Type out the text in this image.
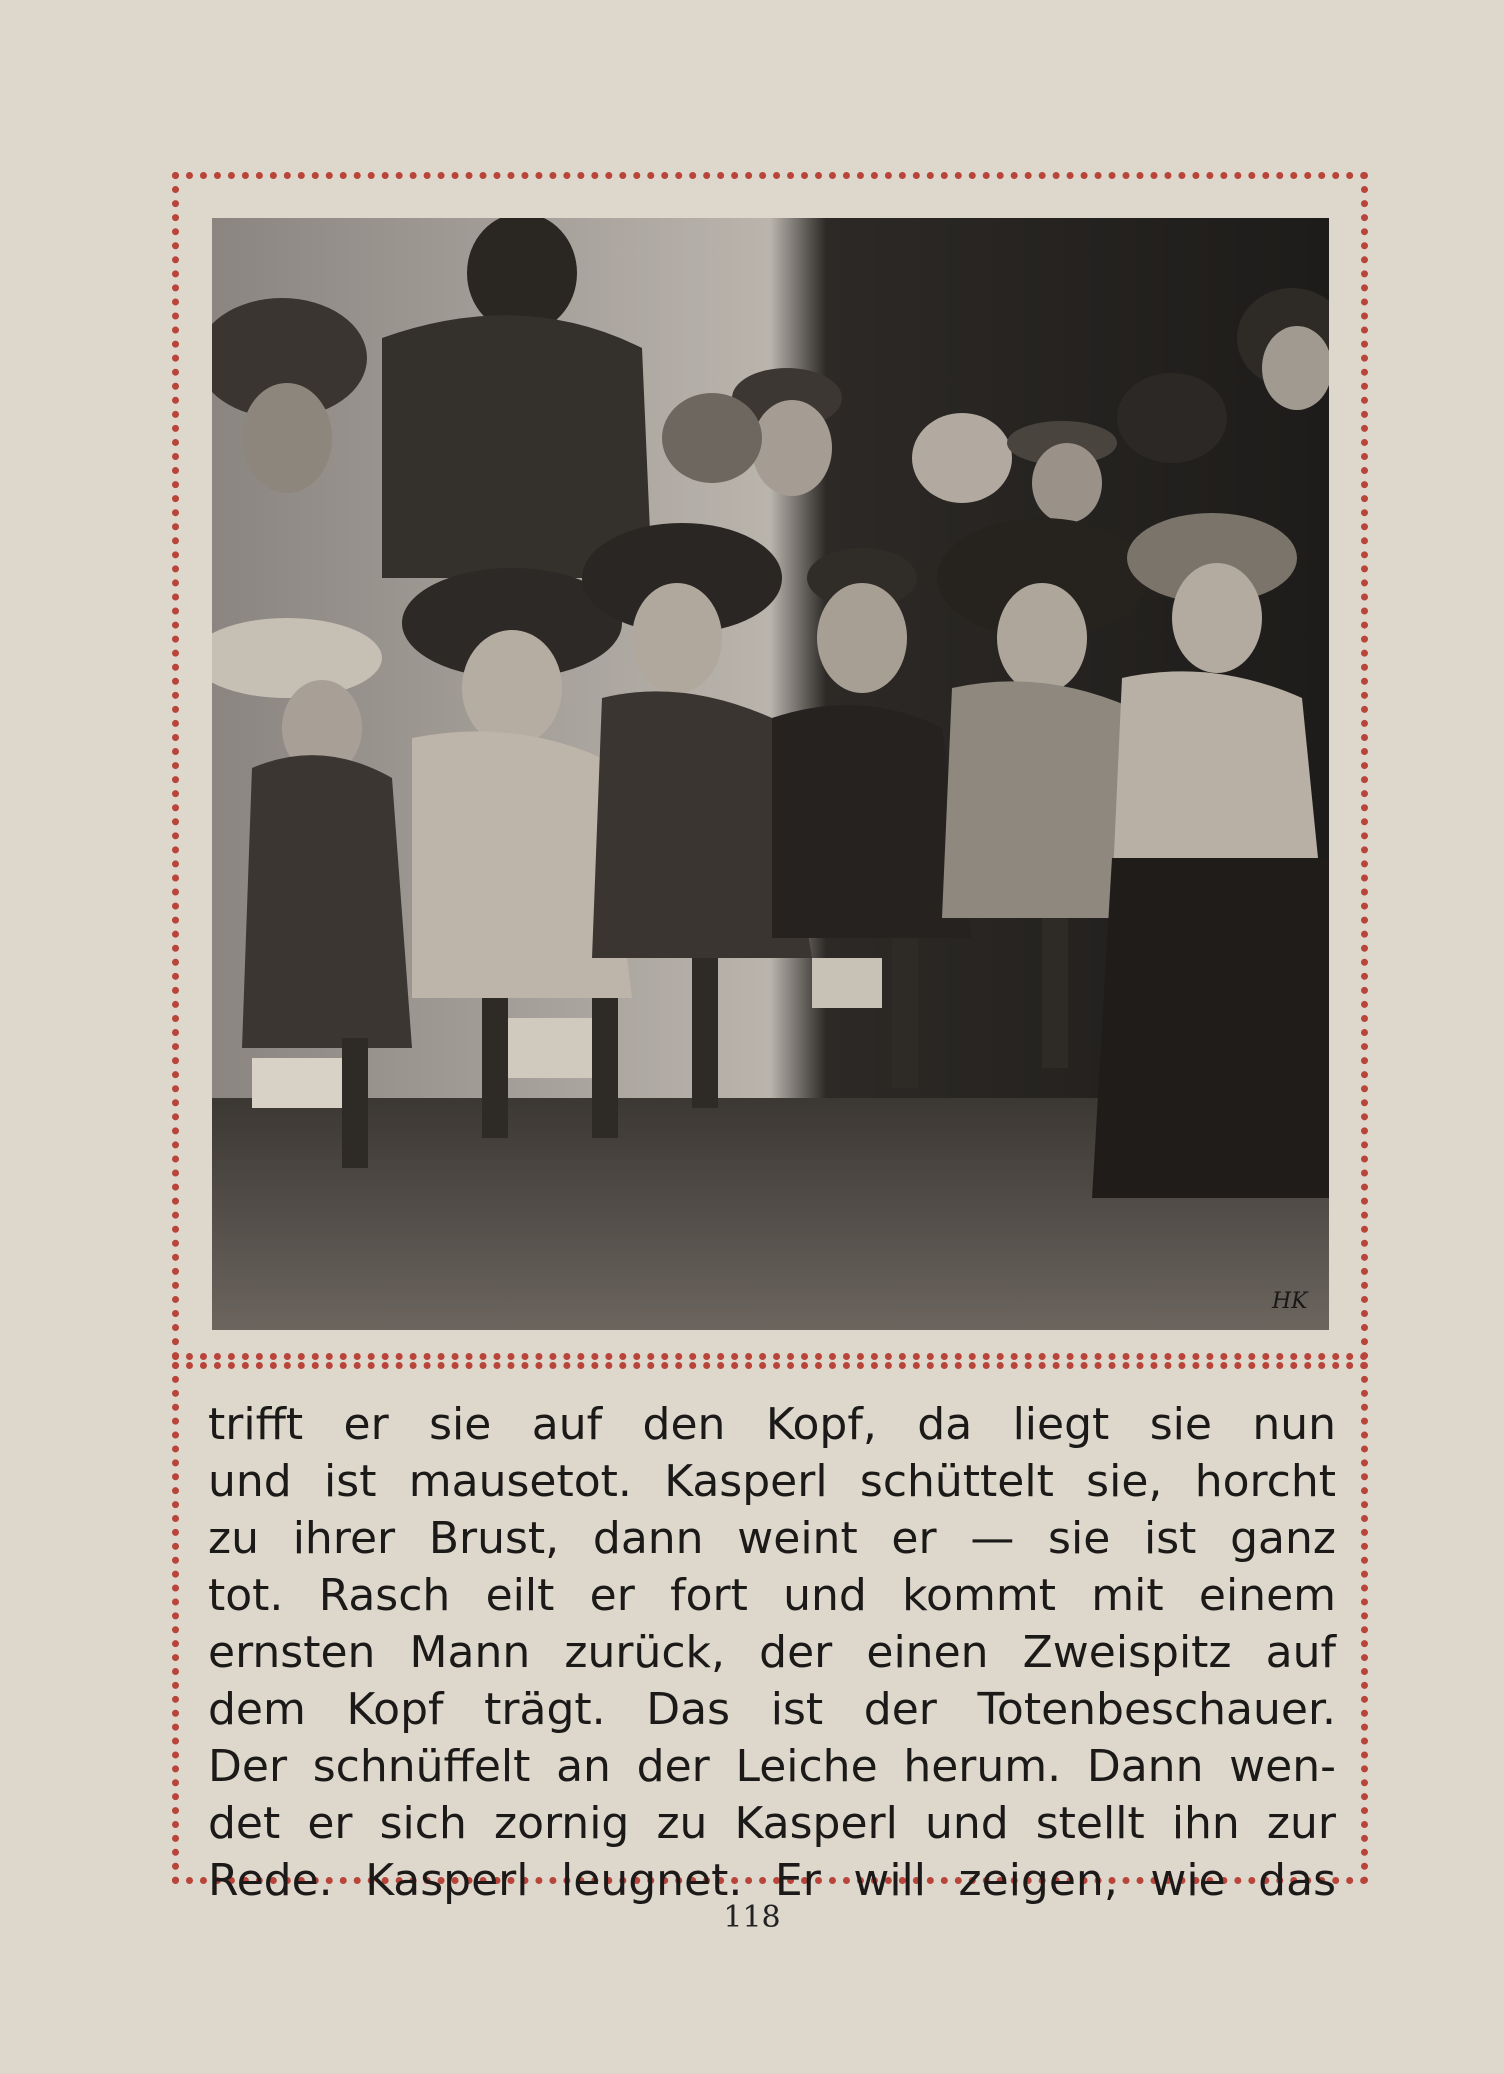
HK
trifft er sie auf den Kopf, da liegt sie nun
und ist mausetot. Kasperl schüttelt sie, horcht
zu ihrer Brust, dann weint er — sie ist ganz
tot. Rasch eilt er fort und kommt mit einem
ernsten Mann zurück, der einen Zweispitz auf
dem Kopf trägt. Das ist der Totenbeschauer.
Der schnüffelt an der Leiche herum. Dann wen-
det er sich zornig zu Kasperl und stellt ihn zur
Rede. Kasperl leugnet. Er will zeigen, wie das
118
